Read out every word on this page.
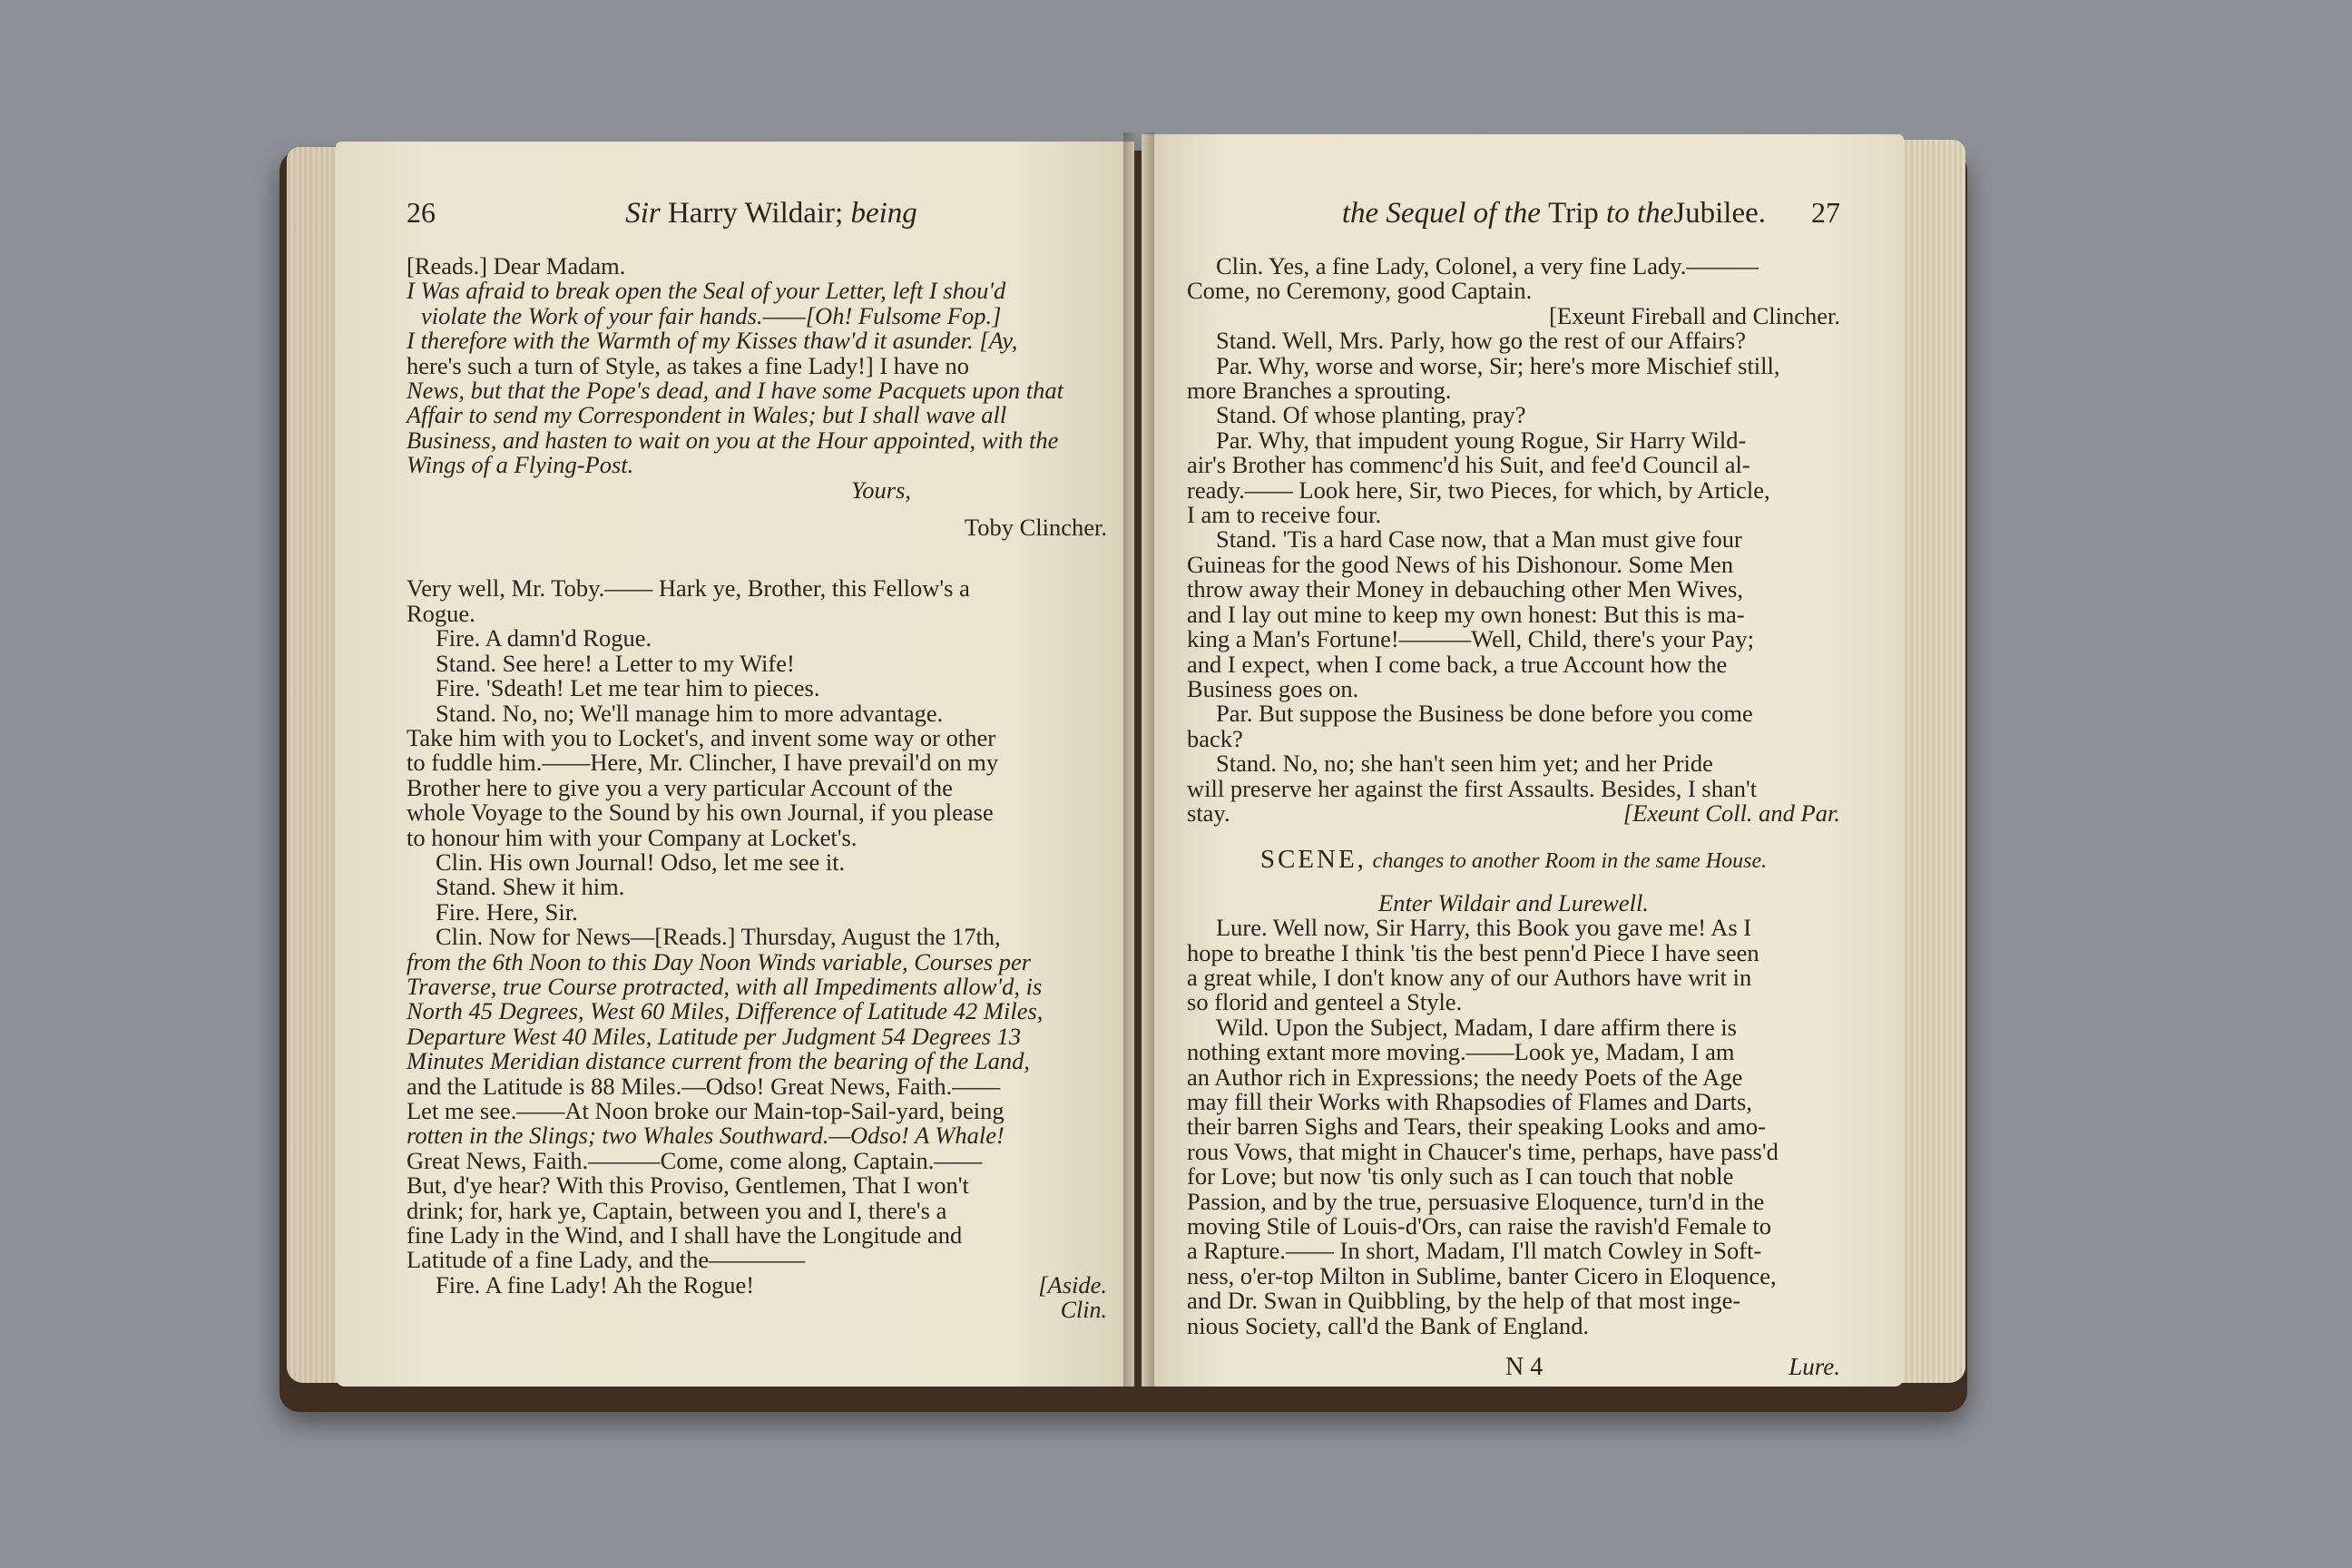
26	Sir Harry Wildair; being

[Reads.] Dear Madam.

I Was afraid to break open the Seal of your Letter, left I shou'd

violate the Work of your fair hands.——[Oh! Fulsome Fop.]

I therefore with the Warmth of my Kisses thaw'd it asunder. [Ay,

here's such a turn of Style, as takes a fine Lady!] I have no

News, but that the Pope's dead, and I have some Pacquets upon that

Affair to send my Correspondent in Wales; but I shall wave all

Business, and hasten to wait on you at the Hour appointed, with the

Wings of a Flying-Post.

Yours,

Toby Clincher.

Very well, Mr. Toby.—— Hark ye, Brother, this Fellow's a

Rogue.

Fire. A damn'd Rogue.

Stand. See here! a Letter to my Wife!

Fire. 'Sdeath! Let me tear him to pieces.

Stand. No, no; We'll manage him to more advantage.

Take him with you to Locket's, and invent some way or other

to fuddle him.——Here, Mr. Clincher, I have prevail'd on my

Brother here to give you a very particular Account of the

whole Voyage to the Sound by his own Journal, if you please

to honour him with your Company at Locket's.

Clin. His own Journal! Odso, let me see it.

Stand. Shew it him.

Fire. Here, Sir.

Clin. Now for News—[Reads.] Thursday, August the 17th,

from the 6th Noon to this Day Noon Winds variable, Courses per

Traverse, true Course protracted, with all Impediments allow'd, is

North 45 Degrees, West 60 Miles, Difference of Latitude 42 Miles,

Departure West 40 Miles, Latitude per Judgment 54 Degrees 13

Minutes Meridian distance current from the bearing of the Land,

and the Latitude is 88 Miles.—Odso! Great News, Faith.——

Let me see.——At Noon broke our Main-top-Sail-yard, being

rotten in the Slings; two Whales Southward.—Odso! A Whale!

Great News, Faith.———Come, come along, Captain.——

But, d'ye hear? With this Proviso, Gentlemen, That I won't

drink; for, hark ye, Captain, between you and I, there's a

fine Lady in the Wind, and I shall have the Longitude and

Latitude of a fine Lady, and the————

Fire. A fine Lady! Ah the Rogue!	[Aside.

Clin.

the Sequel of the Trip to theJubilee.	27

Clin. Yes, a fine Lady, Colonel, a very fine Lady.———

Come, no Ceremony, good Captain.

[Exeunt Fireball and Clincher.

Stand. Well, Mrs. Parly, how go the rest of our Affairs?

Par. Why, worse and worse, Sir; here's more Mischief still,

more Branches a sprouting.

Stand. Of whose planting, pray?

Par. Why, that impudent young Rogue, Sir Harry Wild-

air's Brother has commenc'd his Suit, and fee'd Council al-

ready.—— Look here, Sir, two Pieces, for which, by Article,

I am to receive four.

Stand. 'Tis a hard Case now, that a Man must give four

Guineas for the good News of his Dishonour. Some Men

throw away their Money in debauching other Men Wives,

and I lay out mine to keep my own honest: But this is ma-

king a Man's Fortune!———Well, Child, there's your Pay;

and I expect, when I come back, a true Account how the

Business goes on.

Par. But suppose the Business be done before you come

back?

Stand. No, no; she han't seen him yet; and her Pride

will preserve her against the first Assaults. Besides, I shan't

stay.	[Exeunt Coll. and Par.

SCENE, changes to another Room in the same House.

Enter Wildair and Lurewell.

Lure. Well now, Sir Harry, this Book you gave me! As I

hope to breathe I think 'tis the best penn'd Piece I have seen

a great while, I don't know any of our Authors have writ in

so florid and genteel a Style.

Wild. Upon the Subject, Madam, I dare affirm there is

nothing extant more moving.——Look ye, Madam, I am

an Author rich in Expressions; the needy Poets of the Age

may fill their Works with Rhapsodies of Flames and Darts,

their barren Sighs and Tears, their speaking Looks and amo-

rous Vows, that might in Chaucer's time, perhaps, have pass'd

for Love; but now 'tis only such as I can touch that noble

Passion, and by the true, persuasive Eloquence, turn'd in the

moving Stile of Louis-d'Ors, can raise the ravish'd Female to

a Rapture.—— In short, Madam, I'll match Cowley in Soft-

ness, o'er-top Milton in Sublime, banter Cicero in Eloquence,

and Dr. Swan in Quibbling, by the help of that most inge-

nious Society, call'd the Bank of England.

N 4	Lure.
